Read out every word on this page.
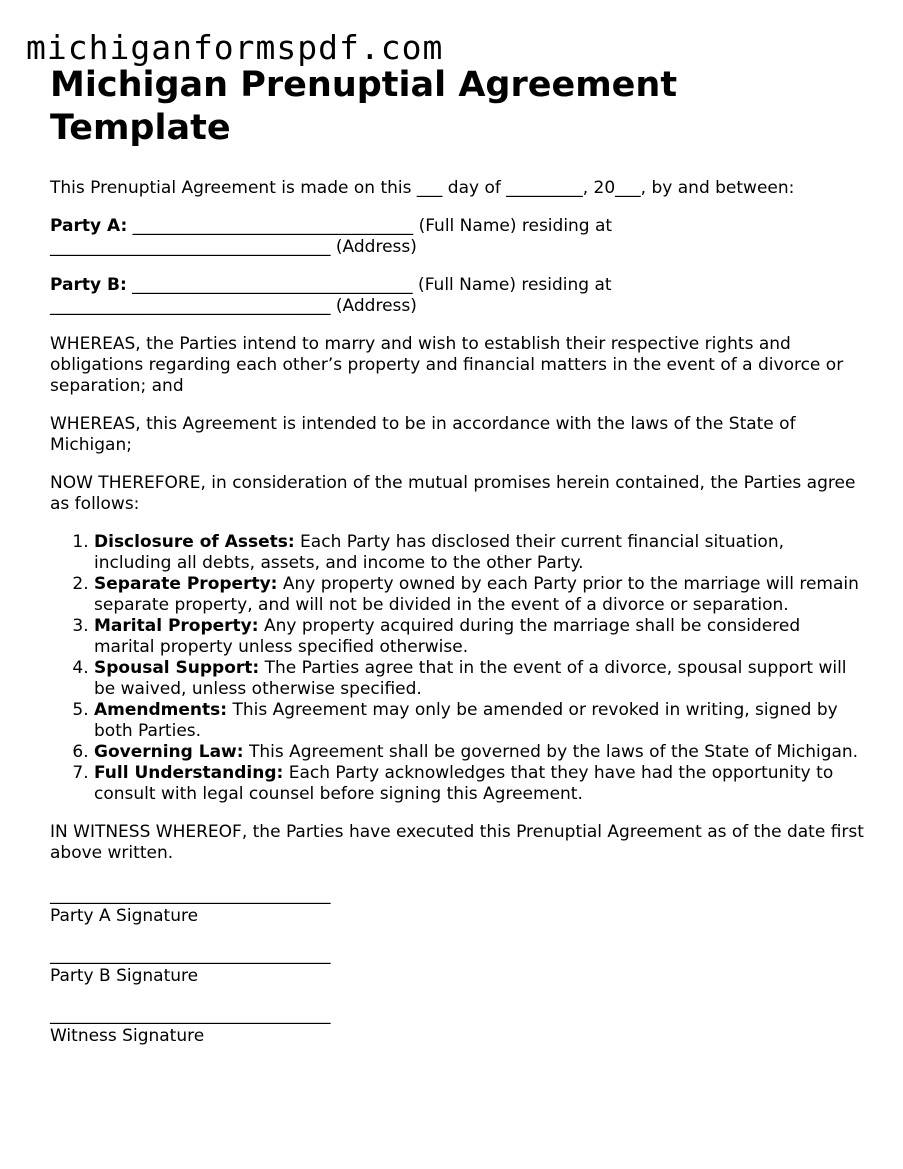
michiganformspdf.com
Michigan Prenuptial Agreement Template

This Prenuptial Agreement is made on this ___ day of _________, 20___, by and between:

Party A: _________________________________ (Full Name) residing at _________________________________ (Address)

Party B: _________________________________ (Full Name) residing at _________________________________ (Address)

WHEREAS, the Parties intend to marry and wish to establish their respective rights and obligations regarding each other’s property and financial matters in the event of a divorce or separation; and

WHEREAS, this Agreement is intended to be in accordance with the laws of the State of Michigan;

NOW THEREFORE, in consideration of the mutual promises herein contained, the Parties agree as follows:

1. Disclosure of Assets: Each Party has disclosed their current financial situation, including all debts, assets, and income to the other Party.
2. Separate Property: Any property owned by each Party prior to the marriage will remain separate property, and will not be divided in the event of a divorce or separation.
3. Marital Property: Any property acquired during the marriage shall be considered marital property unless specified otherwise.
4. Spousal Support: The Parties agree that in the event of a divorce, spousal support will be waived, unless otherwise specified.
5. Amendments: This Agreement may only be amended or revoked in writing, signed by both Parties.
6. Governing Law: This Agreement shall be governed by the laws of the State of Michigan.
7. Full Understanding: Each Party acknowledges that they have had the opportunity to consult with legal counsel before signing this Agreement.

IN WITNESS WHEREOF, the Parties have executed this Prenuptial Agreement as of the date first above written.

_________________________________
Party A Signature
_________________________________
Party B Signature
_________________________________
Witness Signature
